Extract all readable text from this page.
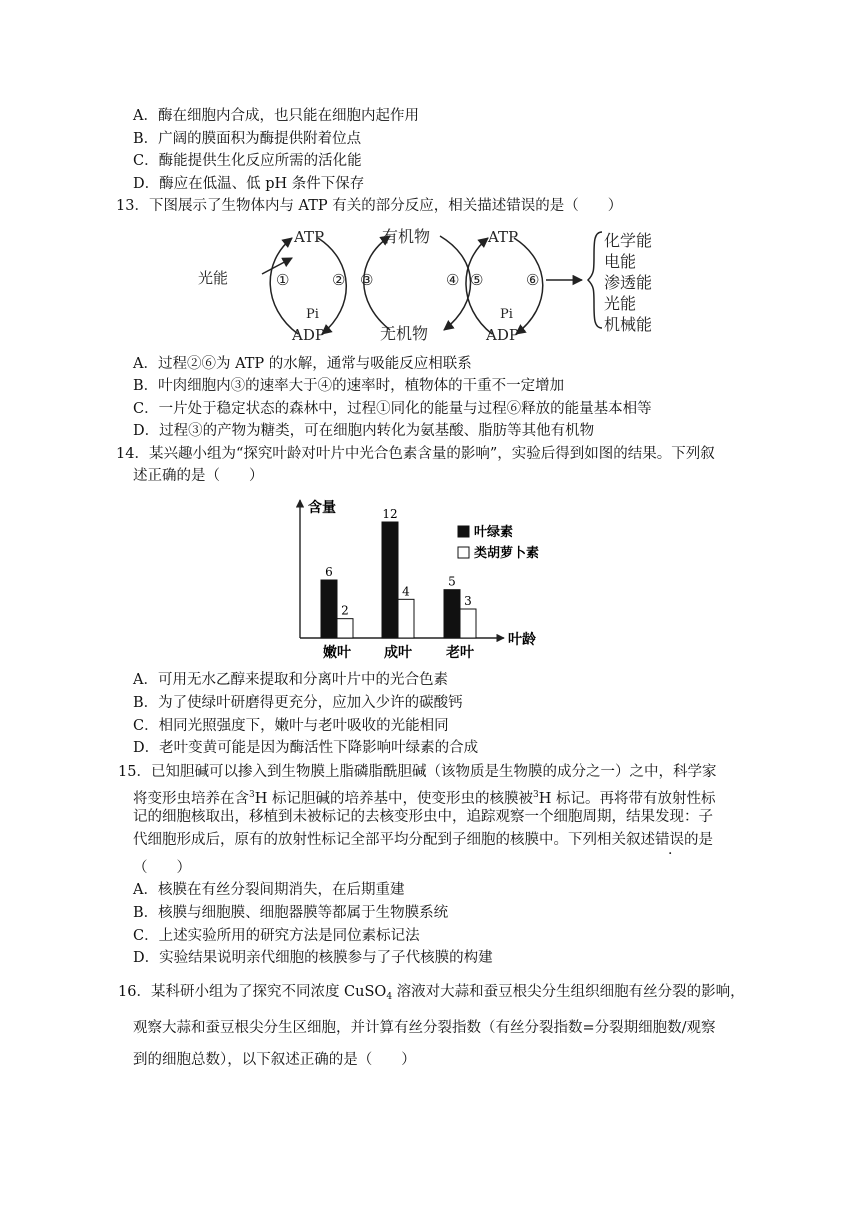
A．酶在细胞内合成，也只能在细胞内起作用
B．广阔的膜面积为酶提供附着位点
C．酶能提供生化反应所需的活化能
D．酶应在低温、低 pH 条件下保存
13．下图展示了生物体内与 ATP 有关的部分反应，相关描述错误的是（　　）
光能
ATP
Pi
ADP
①	② ③
有机物
无机物
④ ⑤
ATP
Pi
ADP
⑥
化学能
电能
渗透能
光能
机械能
A．过程②⑥为 ATP 的水解，通常与吸能反应相联系
B．叶肉细胞内③的速率大于④的速率时，植物体的干重不一定增加
C．一片处于稳定状态的森林中，过程①同化的能量与过程⑥释放的能量基本相等
D．过程③的产物为糖类，可在细胞内转化为氨基酸、脂肪等其他有机物
14．某兴趣小组为“探究叶龄对叶片中光合色素含量的影响”，实验后得到如图的结果。下列叙
述正确的是（　　）
含量
叶龄
6
2
嫩叶
12
4
成叶
5
3
老叶
叶绿素
类胡萝卜素
A．可用无水乙醇来提取和分离叶片中的光合色素
B．为了使绿叶研磨得更充分，应加入少许的碳酸钙
C．相同光照强度下，嫩叶与老叶吸收的光能相同
D．老叶变黄可能是因为酶活性下降影响叶绿素的合成
15．已知胆碱可以掺入到生物膜上脂磷脂酰胆碱（该物质是生物膜的成分之一）之中，科学家
将变形虫培养在含$^3$H 标记胆碱的培养基中，使变形虫的核膜被$^3$H 标记。再将带有放射性标
记的细胞核取出，移植到未被标记的去核变形虫中，追踪观察一个细胞周期，结果发现：子
代细胞形成后，原有的放射性标记全部平均分配到子细胞的核膜中。下列相关叙述错误的是
（　　）
A．核膜在有丝分裂间期消失，在后期重建
B．核膜与细胞膜、细胞器膜等都属于生物膜系统
C．上述实验所用的研究方法是同位素标记法
D．实验结果说明亲代细胞的核膜参与了子代核膜的构建
16．某科研小组为了探究不同浓度 CuSO$_4$ 溶液对大蒜和蚕豆根尖分生组织细胞有丝分裂的影响，
观察大蒜和蚕豆根尖分生区细胞，并计算有丝分裂指数（有丝分裂指数=分裂期细胞数/观察
到的细胞总数），以下叙述正确的是（　　）
